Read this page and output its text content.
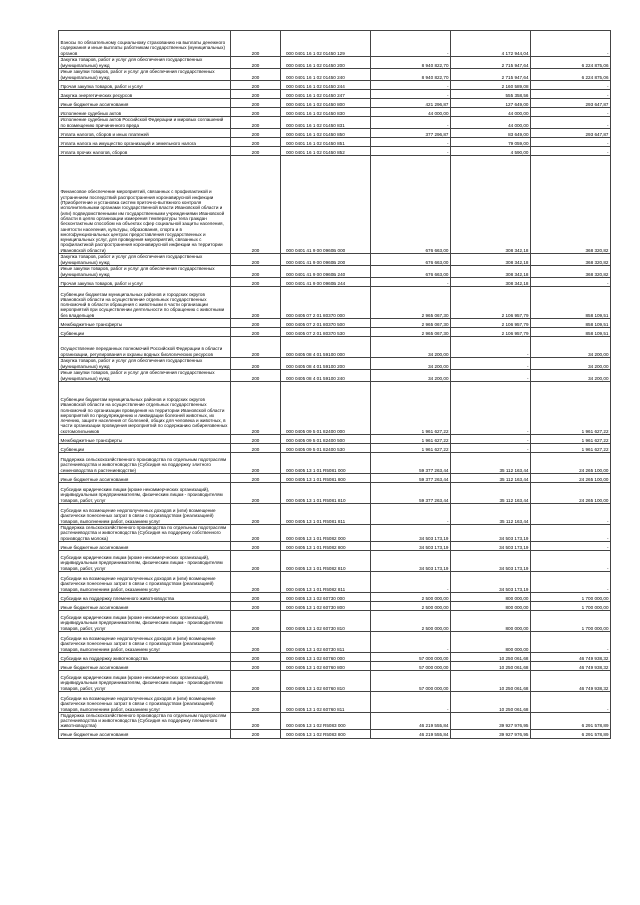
Взносы по обязательному социальному страхованию на выплаты денежного содержания и иные выплаты работникам государственных (муниципальных) органов	200	000 0401 16 1 02 01450 129	-	4 172 944,04	-
Закупка товаров, работ и услуг для обеспечения государственных (муниципальных) нужд	200	000 0401 16 1 02 01450 200	8 940 822,70	2 715 947,64	6 224 875,06
Иные закупки товаров, работ и услуг для обеспечения государственных (муниципальных) нужд	200	000 0401 16 1 02 01450 240	8 940 822,70	2 715 947,64	6 224 875,06
Прочая закупка товаров, работ и услуг	200	000 0401 16 1 02 01450 244	-	2 160 589,08	-
Закупка энергетических ресурсов	200	000 0401 16 1 02 01450 247	-	555 358,56	-
Иные бюджетные ассигнования	200	000 0401 16 1 02 01450 800	421 296,87	127 649,00	293 647,87
Исполнение судебных актов	200	000 0401 16 1 02 01450 830	44 000,00	44 000,00	-
Исполнение судебных актов Российской Федерации и мировых соглашений по возмещению причиненного вреда	200	000 0401 16 1 02 01450 831	-	44 000,00	-
Уплата налогов, сборов и иных платежей	200	000 0401 16 1 02 01450 850	377 296,87	83 649,00	293 647,87
Уплата налога на имущество организаций и земельного налога	200	000 0401 16 1 02 01450 851	-	79 059,00	-
Уплата прочих налогов, сборов	200	000 0401 16 1 02 01450 852	-	4 590,00	-
Финансовое обеспечение мероприятий, связанных с профилактикой и устранением последствий распространения коронавирусной инфекции (Приобретение и установка систем приточно-вытяжного контроля исполнительными органами государственной власти Ивановской области и (или) подведомственными им государственными учреждениями Ивановской области в целях организации измерения температуры тела граждан бесконтактным способом на объектах сфер социальной защиты населения, занятости населения, культуры, образования, спорта и в многофункциональных центрах предоставления государственных и муниципальных услуг, для проведения мероприятий, связанных с профилактикой распространения коронавирусной инфекции на территории Ивановской области)	200	000 0401 41 9 00 0960Б 000	676 663,00	308 342,18	368 320,82
Закупка товаров, работ и услуг для обеспечения государственных (муниципальных) нужд	200	000 0401 41 9 00 0960Б 200	676 663,00	308 342,18	368 320,82
Иные закупки товаров, работ и услуг для обеспечения государственных (муниципальных) нужд	200	000 0401 41 9 00 0960Б 240	676 663,00	308 342,18	368 320,82
Прочая закупка товаров, работ и услуг	200	000 0401 41 9 00 0960Б 244	-	308 342,18	-
Субвенции бюджетам муниципальных районов и городских округов Ивановской области на осуществление отдельных государственных полномочий в области обращения с животными в части организации мероприятий при осуществлении деятельности по обращению с животными без владельцев	200	000 0405 07 2 01 80370 000	2 965 067,30	2 106 957,79	858 109,51
Межбюджетные трансферты	200	000 0405 07 2 01 80370 500	2 965 067,30	2 106 957,79	858 109,51
Субвенции	200	000 0405 07 2 01 80370 530	2 965 067,30	2 106 957,79	858 109,51
Осуществление переданных полномочий Российской Федерации в области организации, регулирования и охраны водных биологических ресурсов	200	000 0405 08 4 01 59100 000	34 200,00	-	34 200,00
Закупка товаров, работ и услуг для обеспечения государственных (муниципальных) нужд	200	000 0405 08 4 01 59100 200	34 200,00	-	34 200,00
Иные закупки товаров, работ и услуг для обеспечения государственных (муниципальных) нужд	200	000 0405 08 4 01 59100 240	34 200,00	-	34 200,00
Субвенции бюджетам муниципальных районов и городских округов Ивановской области на осуществление отдельных государственных полномочий по организации проведения на территории Ивановской области мероприятий по предупреждению и ликвидации болезней животных, их лечению, защите населения от болезней, общих для человека и животных, в части организации проведения мероприятий по содержанию сибиреязвенных скотомогильников	200	000 0405 09 5 01 82400 000	1 961 627,22	-	1 961 627,22
Межбюджетные трансферты	200	000 0405 09 5 01 82400 500	1 961 627,22	-	1 961 627,22
Субвенции	200	000 0405 09 5 01 82400 530	1 961 627,22	-	1 961 627,22
Поддержка сельскохозяйственного производства по отдельным подотраслям растениеводства и животноводства (Субсидия на поддержку элитного семеноводства в растениеводстве)	200	000 0405 13 1 01 R5081 000	59 377 263,44	35 112 163,44	24 265 100,00
Иные бюджетные ассигнования	200	000 0405 13 1 01 R5081 800	59 377 263,44	35 112 163,44	24 265 100,00
Субсидии юридическим лицам (кроме некоммерческих организаций), индивидуальным предпринимателям, физическим лицам - производителям товаров, работ, услуг	200	000 0405 13 1 01 R5081 810	59 377 263,44	35 112 163,44	24 265 100,00
Субсидии на возмещение недополученных доходов и (или) возмещение фактически понесенных затрат в связи с производством (реализацией) товаров, выполнением работ, оказанием услуг	200	000 0405 13 1 01 R5081 811	-	35 112 163,44	-
Поддержка сельскохозяйственного производства по отдельным подотраслям растениеводства и животноводства (Субсидия на поддержку собственного производства молока)	200	000 0405 13 1 01 R5082 000	34 503 173,19	34 503 173,19	-
Иные бюджетные ассигнования	200	000 0405 13 1 01 R5082 800	34 503 173,19	34 503 173,19	-
Субсидии юридическим лицам (кроме некоммерческих организаций), индивидуальным предпринимателям, физическим лицам - производителям товаров, работ, услуг	200	000 0405 13 1 01 R5082 810	34 503 173,19	34 503 173,19	-
Субсидии на возмещение недополученных доходов и (или) возмещение фактически понесенных затрат в связи с производством (реализацией) товаров, выполнением работ, оказанием услуг	200	000 0405 13 1 01 R5082 811	-	34 503 173,19	-
Субсидии на поддержку племенного животноводства	200	000 0405 13 1 02 60730 000	2 500 000,00	800 000,00	1 700 000,00
Иные бюджетные ассигнования	200	000 0405 13 1 02 60730 800	2 500 000,00	800 000,00	1 700 000,00
Субсидии юридическим лицам (кроме некоммерческих организаций), индивидуальным предпринимателям, физическим лицам - производителям товаров, работ, услуг	200	000 0405 13 1 02 60730 810	2 500 000,00	800 000,00	1 700 000,00
Субсидии на возмещение недополученных доходов и (или) возмещение фактически понесенных затрат в связи с производством (реализацией) товаров, выполнением работ, оказанием услуг	200	000 0405 13 1 02 60730 811	-	800 000,00	-
Субсидии на поддержку животноводства	200	000 0405 13 1 02 60760 000	57 000 000,00	10 250 061,68	46 749 938,32
Иные бюджетные ассигнования	200	000 0405 13 1 02 60760 800	57 000 000,00	10 250 061,68	46 749 938,32
Субсидии юридическим лицам (кроме некоммерческих организаций), индивидуальным предпринимателям, физическим лицам - производителям товаров, работ, услуг	200	000 0405 13 1 02 60760 810	57 000 000,00	10 250 061,68	46 749 938,32
Субсидии на возмещение недополученных доходов и (или) возмещение фактически понесенных затрат в связи с производством (реализацией) товаров, выполнением работ, оказанием услуг	200	000 0405 13 1 02 60760 811	-	10 250 061,68	-
Поддержка сельскохозяйственного производства по отдельным подотраслям растениеводства и животноводства (Субсидия на поддержку племенного животноводства)	200	000 0405 13 1 02 R5083 000	46 219 555,84	39 927 976,95	6 291 578,89
Иные бюджетные ассигнования	200	000 0405 13 1 02 R5083 800	46 219 555,84	39 927 976,95	6 291 578,89
